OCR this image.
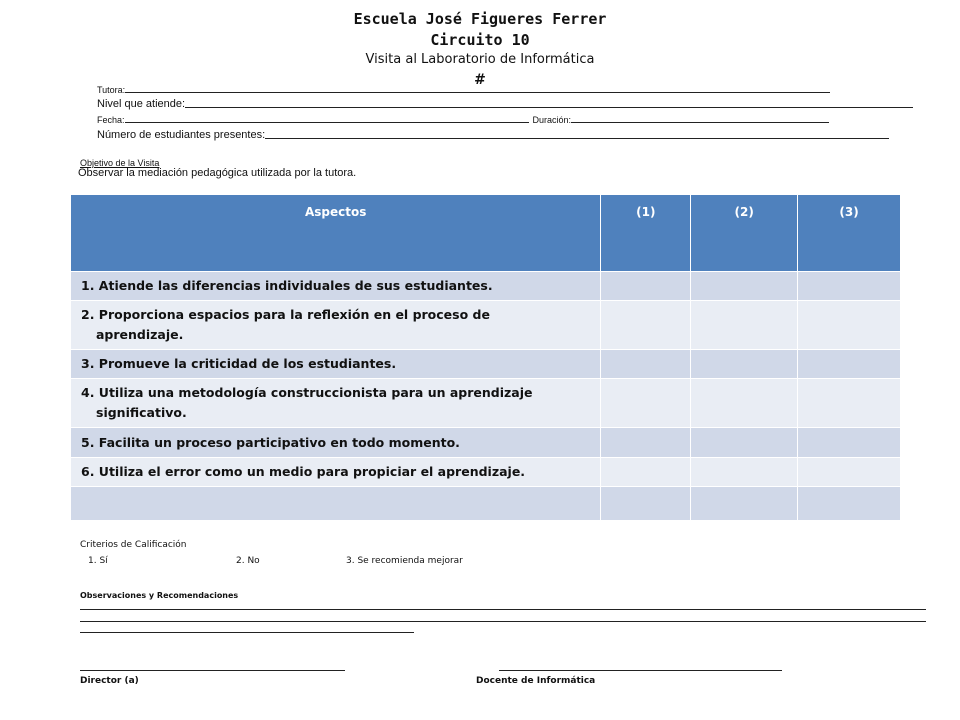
Escuela José Figueres Ferrer
Circuito 10
Visita al Laboratorio de Informática
#
Tutora:
Nivel que atiende:
Fecha:	Duración:
Número de estudiantes presentes:
Objetivo de la Visita
Observar la mediación pedagógica utilizada por la tutora.
Aspectos	(1)	(2)	(3)
1. Atiende las diferencias individuales de sus estudiantes.			
2. Proporciona espacios para la reflexión en el proceso de
aprendizaje.			

3. Promueve la criticidad de los estudiantes.			
4. Utiliza una metodología construccionista para un aprendizaje
significativo.			

5. Facilita un proceso participativo en todo momento.			
6. Utiliza el error como un medio para propiciar el aprendizaje.			

Criterios de Calificación
1. Sí	2. No	3. Se recomienda mejorar
Observaciones y Recomendaciones
Director (a)	Docente de Informática
